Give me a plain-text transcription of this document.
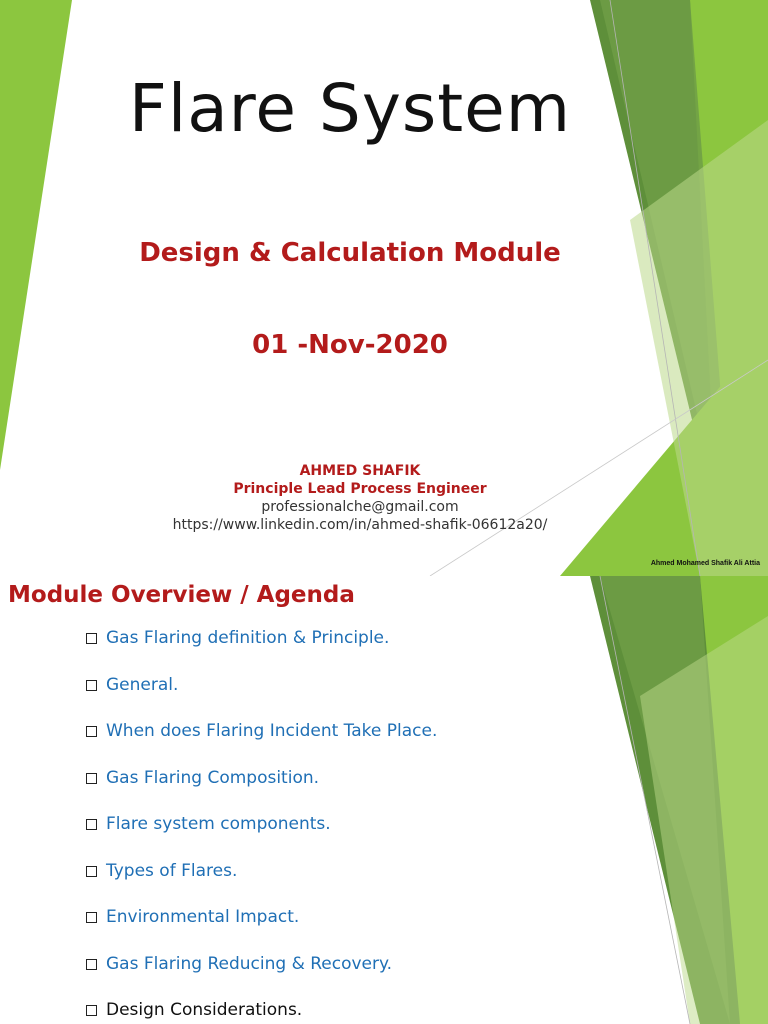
Flare System
Design & Calculation Module
01 -Nov-2020
AHMED SHAFIK
Principle Lead Process Engineer
professionalche@gmail.com
https://www.linkedin.com/in/ahmed-shafik-06612a20/
Ahmed Mohamed Shafik Ali Attia
Module Overview / Agenda
Gas Flaring definition & Principle.
General.
When does Flaring Incident Take Place.
Gas Flaring Composition.
Flare system components.
Types of Flares.
Environmental Impact.
Gas Flaring Reducing & Recovery.
Design Considerations.
